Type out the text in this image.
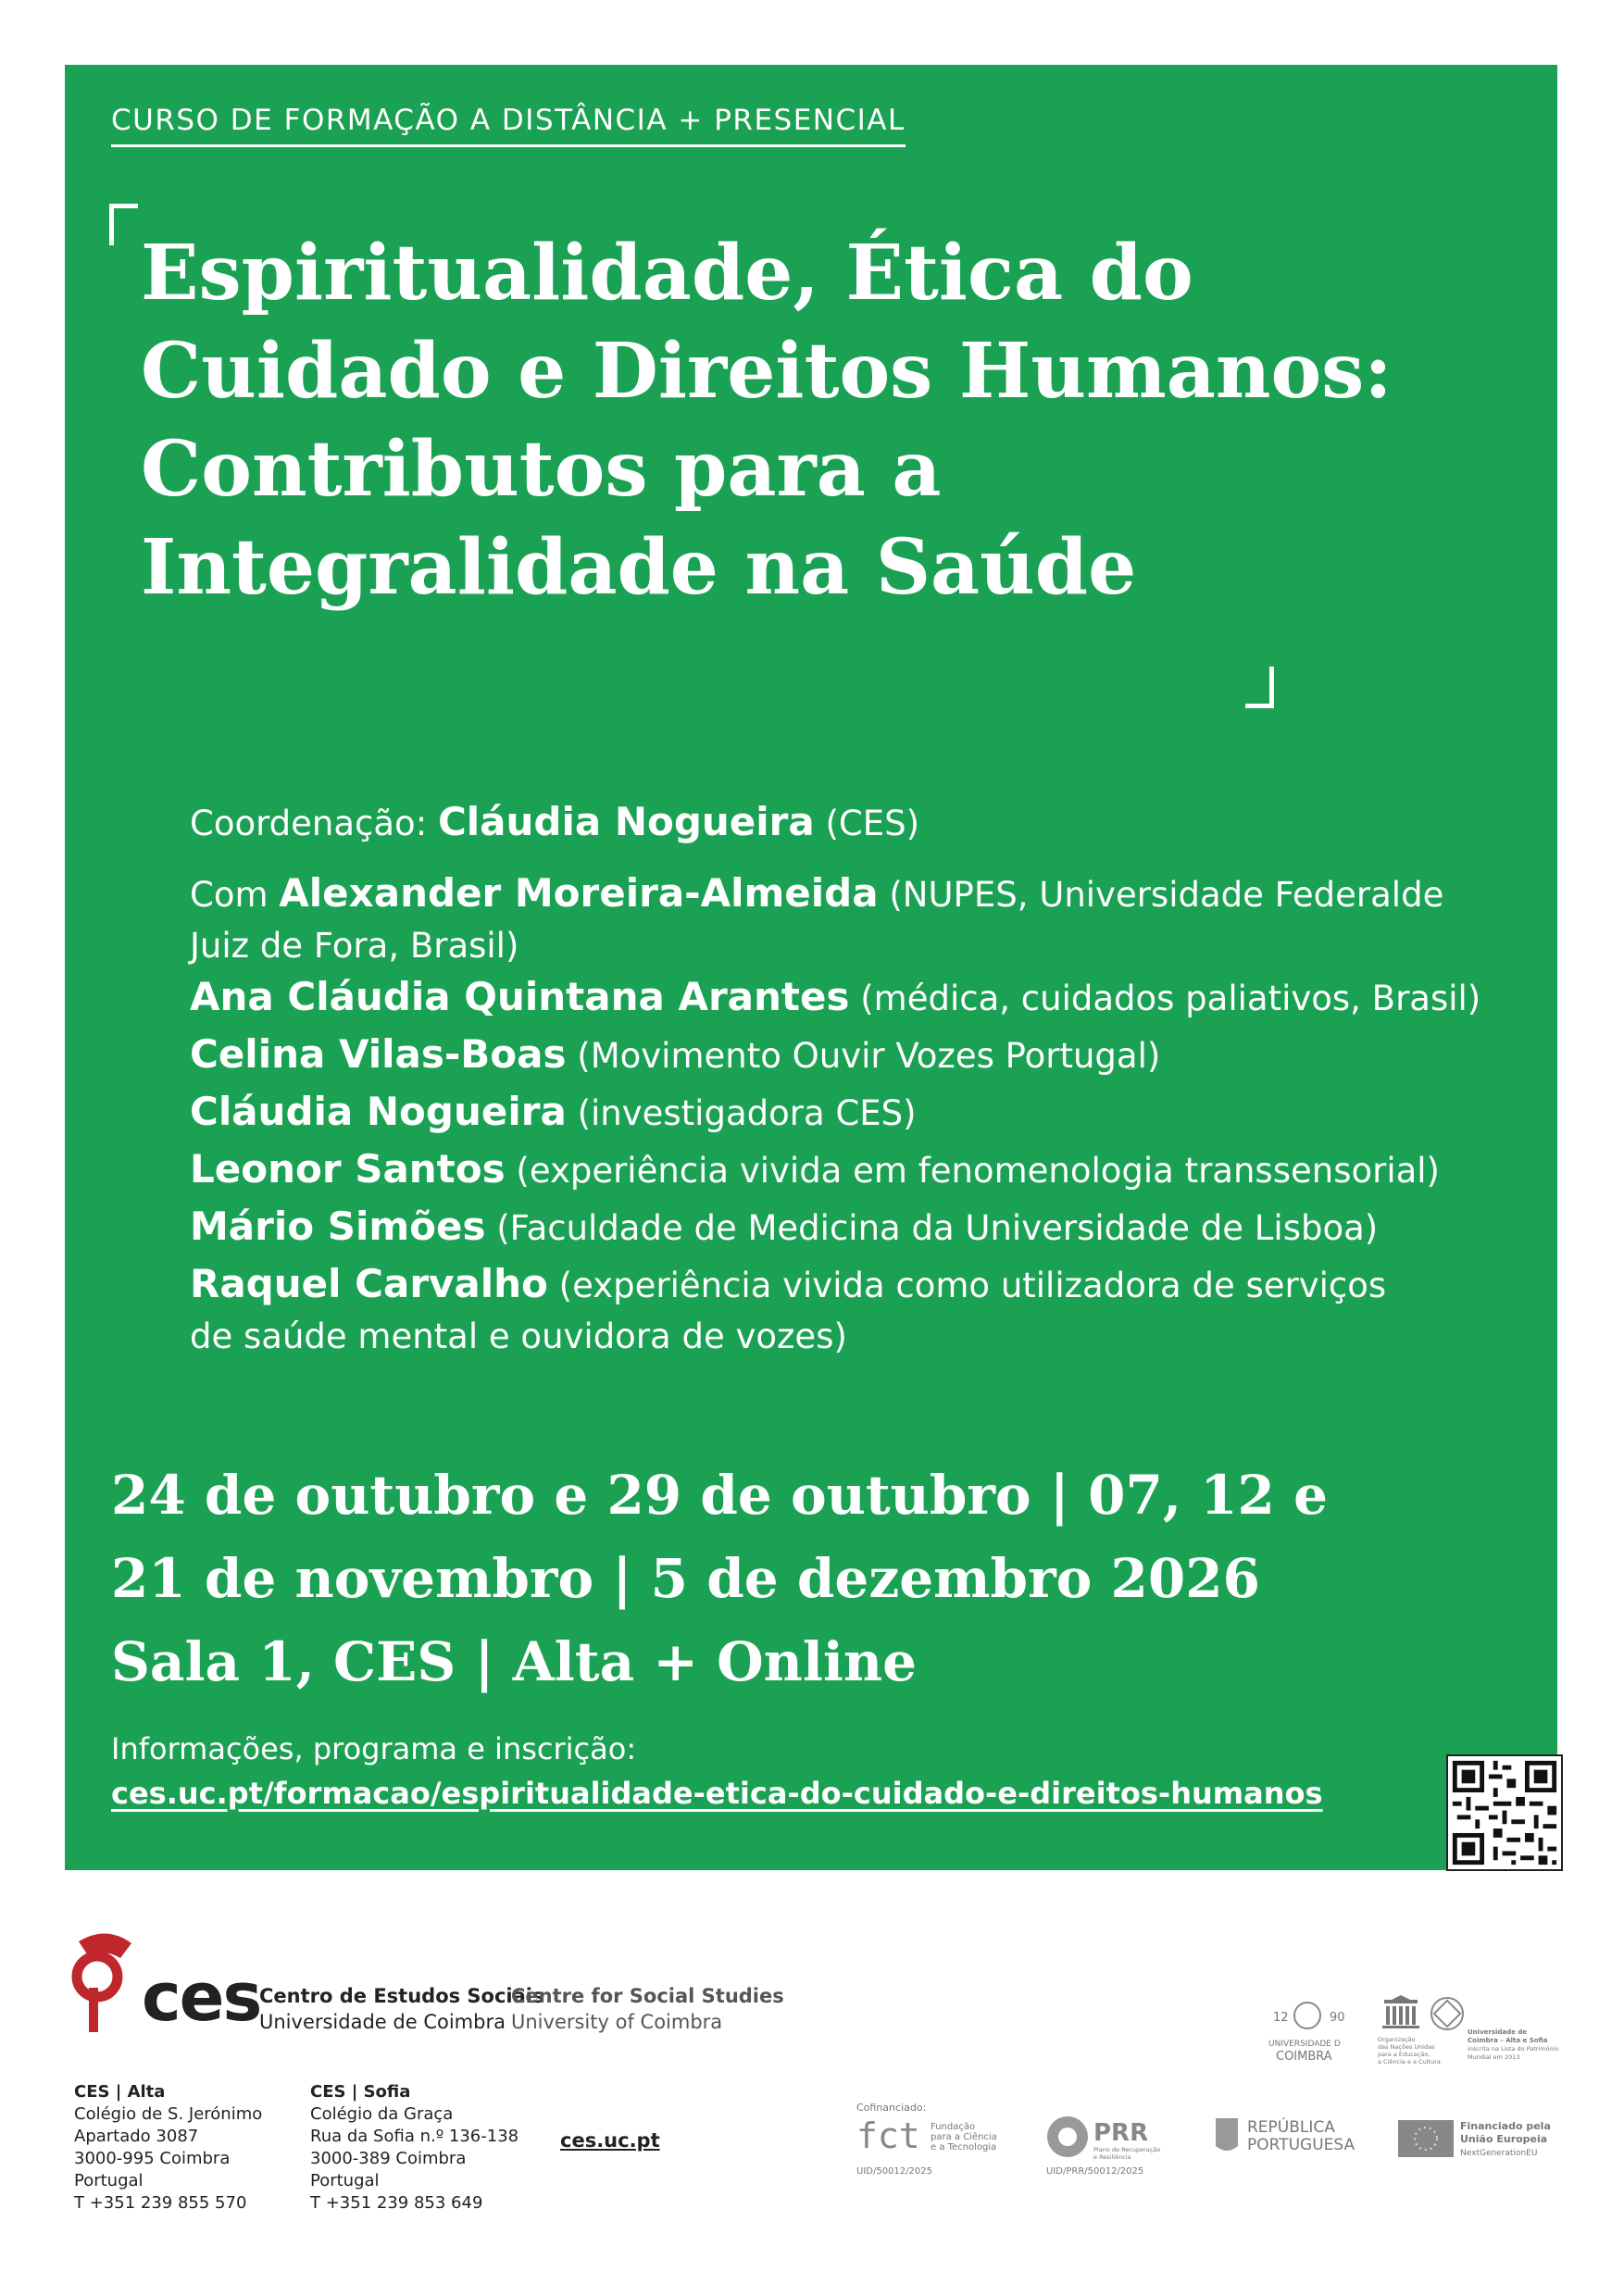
CURSO DE FORMAÇÃO A DISTÂNCIA + PRESENCIAL
Espiritualidade, Ética do
Cuidado e Direitos Humanos:
Contributos para a
Integralidade na Saúde
Coordenação: Cláudia Nogueira (CES)
Com Alexander Moreira-Almeida (NUPES, Universidade Federalde
Juiz de Fora, Brasil)
Ana Cláudia Quintana Arantes (médica, cuidados paliativos, Brasil)
Celina Vilas-Boas (Movimento Ouvir Vozes Portugal)
Cláudia Nogueira (investigadora CES)
Leonor Santos (experiência vivida em fenomenologia transsensorial)
Mário Simões (Faculdade de Medicina da Universidade de Lisboa)
Raquel Carvalho (experiência vivida como utilizadora de serviços
de saúde mental e ouvidora de vozes)
24 de outubro e 29 de outubro | 07, 12 e
21 de novembro | 5 de dezembro 2026
Sala 1, CES | Alta + Online
Informações, programa e inscrição:
ces.uc.pt/formacao/espiritualidade-etica-do-cuidado-e-direitos-humanos
ces
Centro de Estudos Sociais
Universidade de Coimbra
Centre for Social Studies
University of Coimbra
CES | Alta
Colégio de S. Jerónimo
Apartado 3087
3000-995 Coimbra
Portugal
T +351 239 855 570
CES | Sofia
Colégio da Graça
Rua da Sofia n.º 136-138
3000-389 Coimbra
Portugal
T +351 239 853 649
ces.uc.pt
12	90
UNIVERSIDADE D
COIMBRA
Organização
das Nações Unidas
para a Educação,
a Ciência e a Cultura
Universidade de
Coimbra – Alta e Sofia
inscrita na Lista do Património
Mundial em 2013
Cofinanciado:
fct Fundação
para a Ciência
e a Tecnologia
UID/50012/2025
PRR
Plano de Recuperação
e Resiliência
UID/PRR/50012/2025
REPÚBLICA
PORTUGUESA
Financiado pela
União Europeia
NextGenerationEU
